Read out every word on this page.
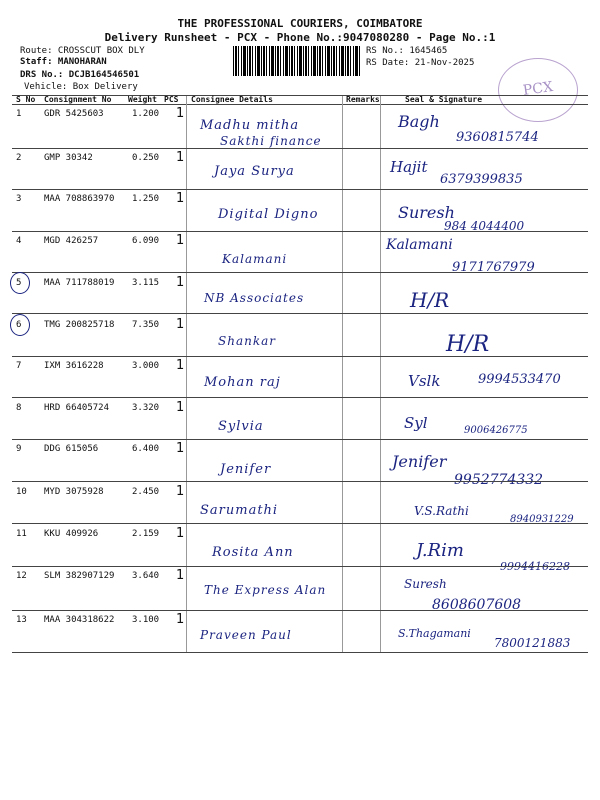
THE PROFESSIONAL COURIERS, COIMBATORE
Delivery Runsheet - PCX - Phone No.:9047080280 - Page No.:1
Route: CROSSCUT BOX DLY
Staff: MANOHARAN
DRS No.: DCJB164546501
Vehicle: Box Delivery
RS No.: 1645465
RS Date: 21-Nov-2025
PCX
S No Consignment No Weight PCS Consignee Details	Remarks	Seal & Signature
1	GDR 5425603	1.200 1
Madhu mitha
Sakthi finance
Bagh
9360815744
2	GMP 30342	0.250 1
Jaya Surya	Hajit
6379399835
3	MAA 708863970 1.250 1
Digital Digno	Suresh
984 4044400
4	MGD 426257	6.090 1
Kalamani
Kalamani
9171767979
5	MAA 711788019 3.115 1
NB Associates	H/R
6	TMG 200825718 7.350 1
Shankar	H/R
7	IXM 3616228	3.000 1
Mohan raj	Vslk	9994533470
8	HRD 66405724	3.320 1
Sylvia	Syl	9006426775
9	DDG 615056	6.400 1
Jenifer	Jenifer
9952774332
10 MYD 3075928	2.450 1
Sarumathi	V.S.Rathi
8940931229
11 KKU 409926	2.159 1
Rosita Ann	J.Rim
9994416228
12 SLM 382907129 3.640 1
The Express Alan	Suresh
8608607608
13 MAA 304318622 3.100 1
Praveen Paul	S.Thagamani
7800121883
